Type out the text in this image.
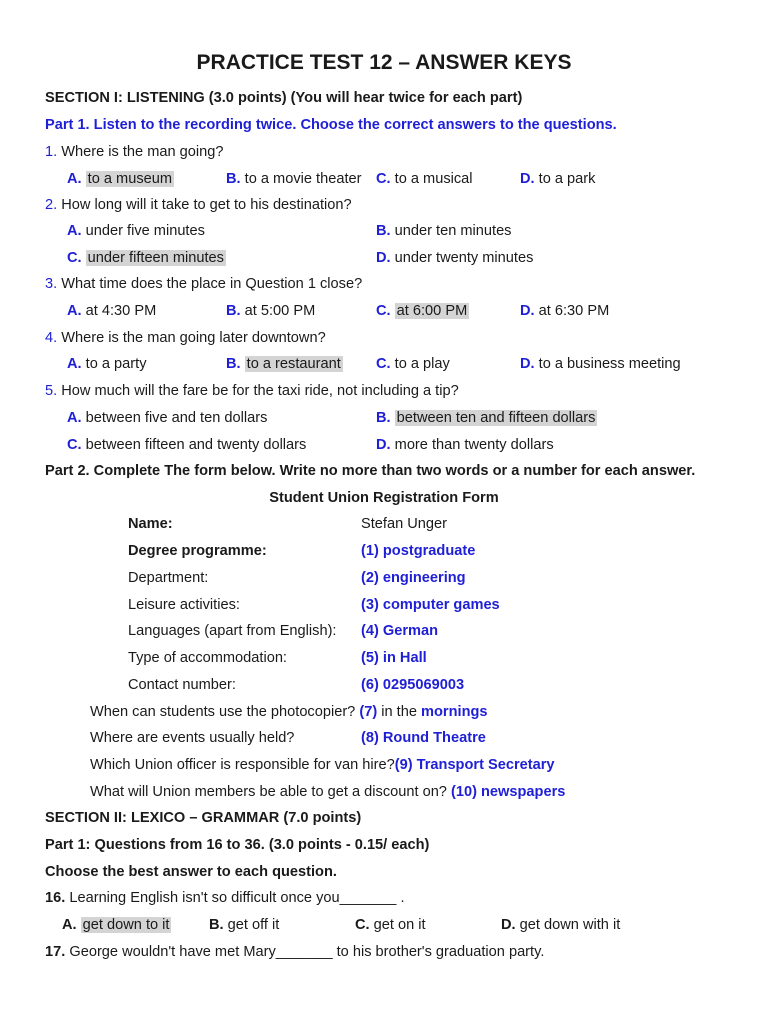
PRACTICE TEST 12 – ANSWER KEYS
SECTION I: LISTENING (3.0 points) (You will hear twice for each part)
Part 1. Listen to the recording twice. Choose the correct answers to the questions.
1. Where is the man going?
A. to a museum	B. to a movie theater C. to a musical	D. to a park
2. How long will it take to get to his destination?
A. under five minutes	B. under ten minutes
C. under fifteen minutes	D. under twenty minutes
3. What time does the place in Question 1 close?
A. at 4:30 PM	B. at 5:00 PM	C. at 6:00 PM	D. at 6:30 PM
4. Where is the man going later downtown?
A. to a party	B. to a restaurant C. to a play	D. to a business meeting
5. How much will the fare be for the taxi ride, not including a tip?
A. between five and ten dollars	B. between ten and fifteen dollars
C. between fifteen and twenty dollars	D. more than twenty dollars
Part 2. Complete The form below. Write no more than two words or a number for each answer.
Student Union Registration Form
Name:	Stefan Unger
Degree programme:	(1) postgraduate
Department:	(2) engineering
Leisure activities:	(3) computer games
Languages (apart from English): (4) German
Type of accommodation:	(5) in Hall
Contact number:	(6) 0295069003
When can students use the photocopier? (7) in the mornings
Where are events usually held?	(8) Round Theatre
Which Union officer is responsible for van hire?(9) Transport Secretary
What will Union members be able to get a discount on? (10) newspapers
SECTION II: LEXICO – GRAMMAR (7.0 points)
Part 1: Questions from 16 to 36. (3.0 points - 0.15/ each)
Choose the best answer to each question.
16. Learning English isn't so difficult once you_______ .
A. get down to it	B. get off it	C. get on it	D. get down with it
17. George wouldn't have met Mary_______ to his brother's graduation party.
